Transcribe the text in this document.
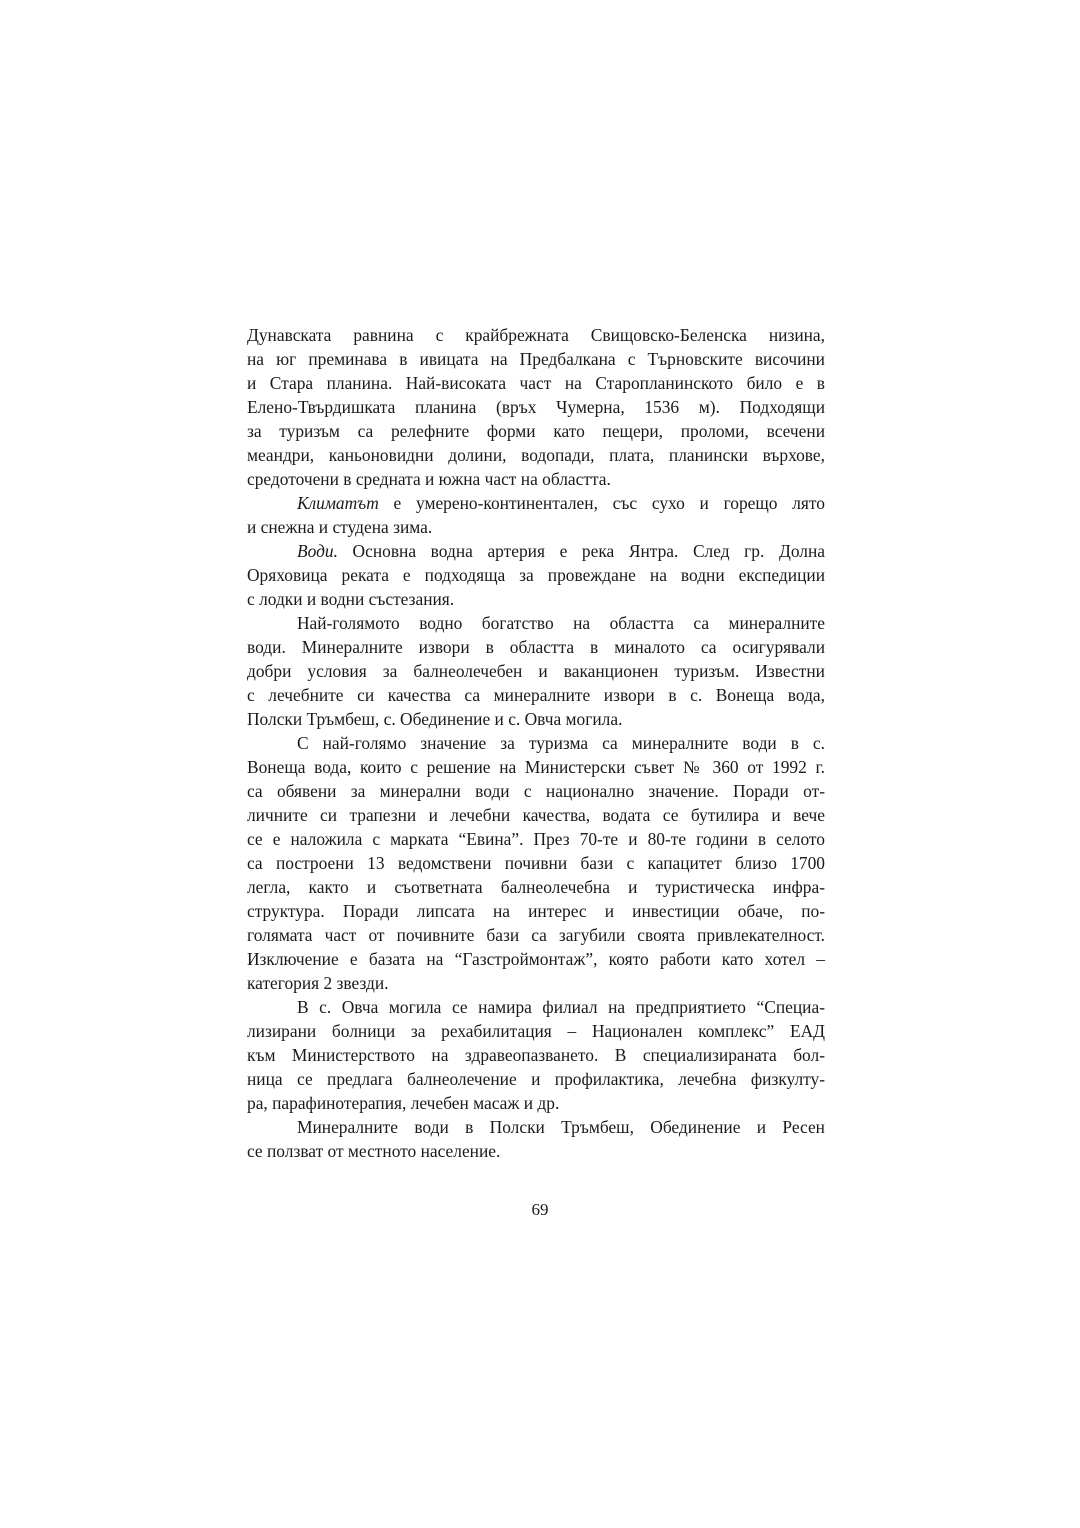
Дунавската равнина с крайбрежната Свищовско-Беленска низина,
на юг преминава в ивицата на Предбалкана с Търновските височини
и Стара планина. Най-високата част на Старопланинското било е в
Елено-Твърдишката планина (връх Чумерна, 1536 м). Подходящи
за туризъм са релефните форми като пещери, проломи, всечени
меандри, каньоновидни долини, водопади, плата, планински върхове,
средоточени в средната и южна част на областта.
Климатът е умерено-континентален, със сухо и горещо лято
и снежна и студена зима.
Води. Основна водна артерия е река Янтра. След гр. Долна
Оряховица реката е подходяща за провеждане на водни експедиции
с лодки и водни състезания.
Най-голямото водно богатство на областта са минералните
води. Минералните извори в областта в миналото са осигурявали
добри условия за балнеолечебен и ваканционен туризъм. Известни
с лечебните си качества са минералните извори в с. Вонеща вода,
Полски Тръмбеш, с. Обединение и с. Овча могила.
С най-голямо значение за туризма са минералните води в с.
Вонеща вода, които с решение на Министерски съвет № 360 от 1992 г.
са обявени за минерални води с национално значение. Поради от-
личните си трапезни и лечебни качества, водата се бутилира и вече
се е наложила с марката “Евина”. През 70-те и 80-те години в селото
са построени 13 ведомствени почивни бази с капацитет близо 1700
легла, както и съответната балнеолечебна и туристическа инфра-
структура. Поради липсата на интерес и инвестиции обаче, по-
голямата част от почивните бази са загубили своята привлекателност.
Изключение е базата на “Газстроймонтаж”, която работи като хотел –
категория 2 звезди.
В с. Овча могила се намира филиал на предприятието “Специа-
лизирани болници за рехабилитация – Национален комплекс” ЕАД
към Министерството на здравеопазването. В специализираната бол-
ница се предлага балнеолечение и профилактика, лечебна физкулту-
ра, парафинотерапия, лечебен масаж и др.
Минералните води в Полски Тръмбеш, Обединение и Ресен
се ползват от местното население.
69
